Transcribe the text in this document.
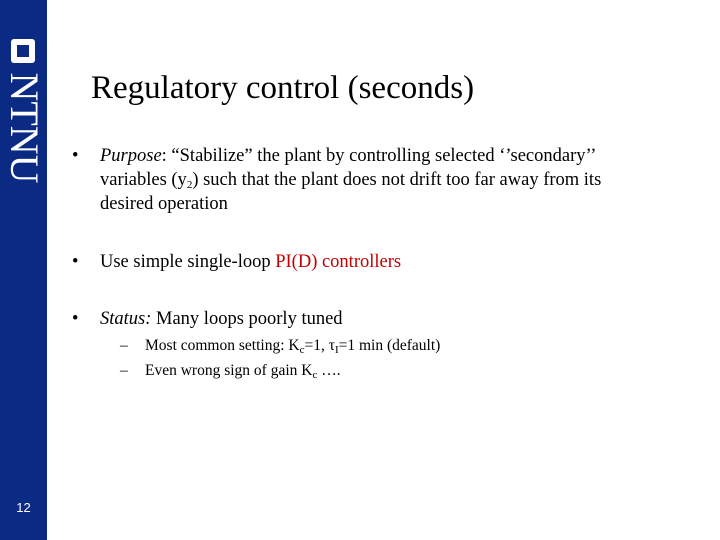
NTNU
12
Regulatory control (seconds)
• Purpose: “Stabilize” the plant by controlling selected ‘’secondary’’
variables $(y_2)$ such that the plant does not drift too far away from its
desired operation
• Use simple single-loop PI(D) controllers
• Status: Many loops poorly tuned
– Most common setting: $K_c=1$, $\tau_I=1$ min (default)
– Even wrong sign of gain $K_c$ ….
